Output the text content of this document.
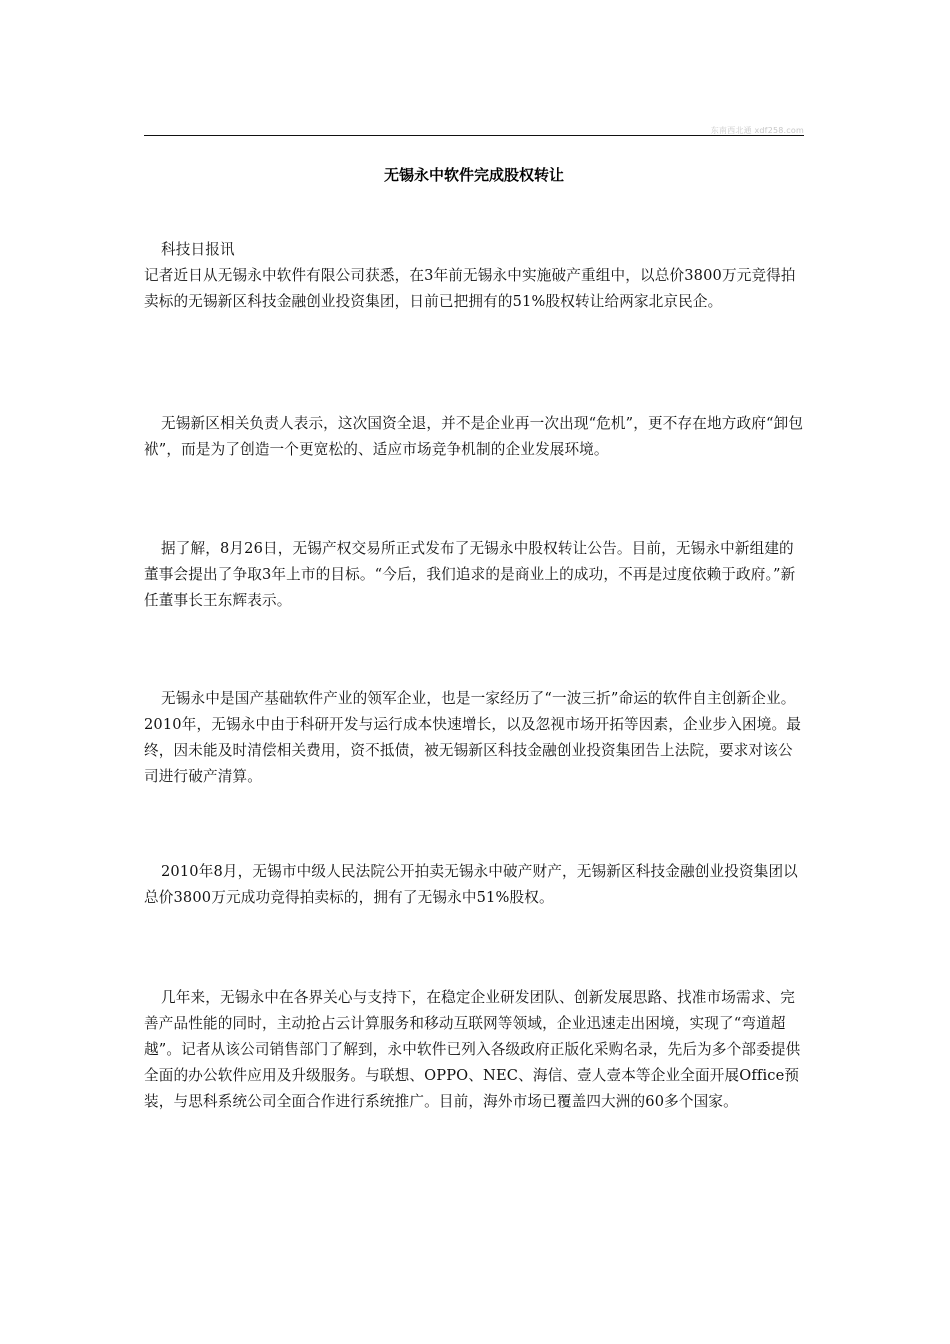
东南西北通 xdf258.com
无锡永中软件完成股权转让

科技日报讯

记者近日从无锡永中软件有限公司获悉，在3年前无锡永中实施破产重组中，以总价3800万元竞得拍卖标的无锡新区科技金融创业投资集团，日前已把拥有的51%股权转让给两家北京民企。

无锡新区相关负责人表示，这次国资全退，并不是企业再一次出现“危机”，更不存在地方政府“卸包袱”，而是为了创造一个更宽松的、适应市场竞争机制的企业发展环境。

据了解，8月26日，无锡产权交易所正式发布了无锡永中股权转让公告。目前，无锡永中新组建的董事会提出了争取3年上市的目标。“今后，我们追求的是商业上的成功，不再是过度依赖于政府。”新任董事长王东辉表示。

无锡永中是国产基础软件产业的领军企业，也是一家经历了“一波三折”命运的软件自主创新企业。2010年，无锡永中由于科研开发与运行成本快速增长，以及忽视市场开拓等因素，企业步入困境。最终，因未能及时清偿相关费用，资不抵债，被无锡新区科技金融创业投资集团告上法院，要求对该公司进行破产清算。

2010年8月，无锡市中级人民法院公开拍卖无锡永中破产财产，无锡新区科技金融创业投资集团以总价3800万元成功竞得拍卖标的，拥有了无锡永中51%股权。

几年来，无锡永中在各界关心与支持下，在稳定企业研发团队、创新发展思路、找准市场需求、完善产品性能的同时，主动抢占云计算服务和移动互联网等领域，企业迅速走出困境，实现了“弯道超越”。记者从该公司销售部门了解到，永中软件已列入各级政府正版化采购名录，先后为多个部委提供全面的办公软件应用及升级服务。与联想、OPPO、NEC、海信、壹人壹本等企业全面开展Office预装，与思科系统公司全面合作进行系统推广。目前，海外市场已覆盖四大洲的60多个国家。
